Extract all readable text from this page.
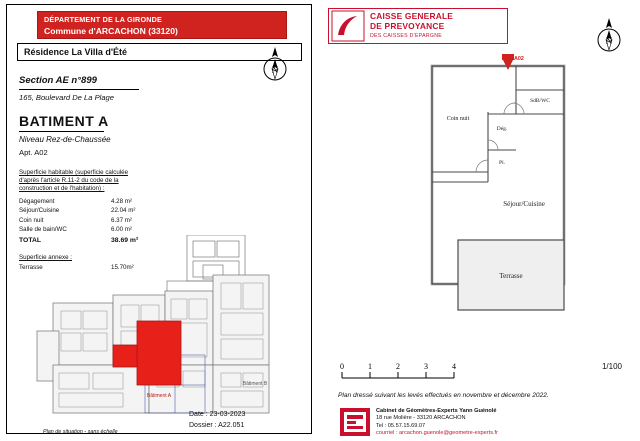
DÉPARTEMENT DE LA GIRONDE
Commune d'ARCACHON (33120)
Résidence La Villa d'Été
Section AE n°899
165, Boulevard De La Plage
BATIMENT A
Niveau Rez-de-Chaussée
Apt. A02
Superficie habitable (superficie calculée
d'après l'article R.11-2 du code de la
construction et de l'habitation) :
Dégagement	4.28 m²
Séjour/Cuisine	22.04 m²
Coin nuit	6.37 m²
Salle de bain/WC	6.00 m²
TOTAL	38.69 m²
Superficie annexe :
Terrasse	15.70m²
N
Bâtiment A
Bâtiment B
Plan de situation - sans échelle
Date : 23-03-2023
Dossier : A22.051
CAISSE GENERALE
DE PREVOYANCE
DES CAISSES D'EPARGNE
N
A02
Terrasse
Coin nuit
Dég.
SdB/WC
Pl.
Séjour/Cuisine
0	1	2	3	4	1/100
Plan dressé suivant les levés effectués en novembre et décembre 2022.
Cabinet de Géomètres-Experts Yann Guénolé
18 rue Molière - 33120 ARCACHON
Tel : 05.57.15.69.07
courriel : arcachon.guenole@geometre-experts.fr
